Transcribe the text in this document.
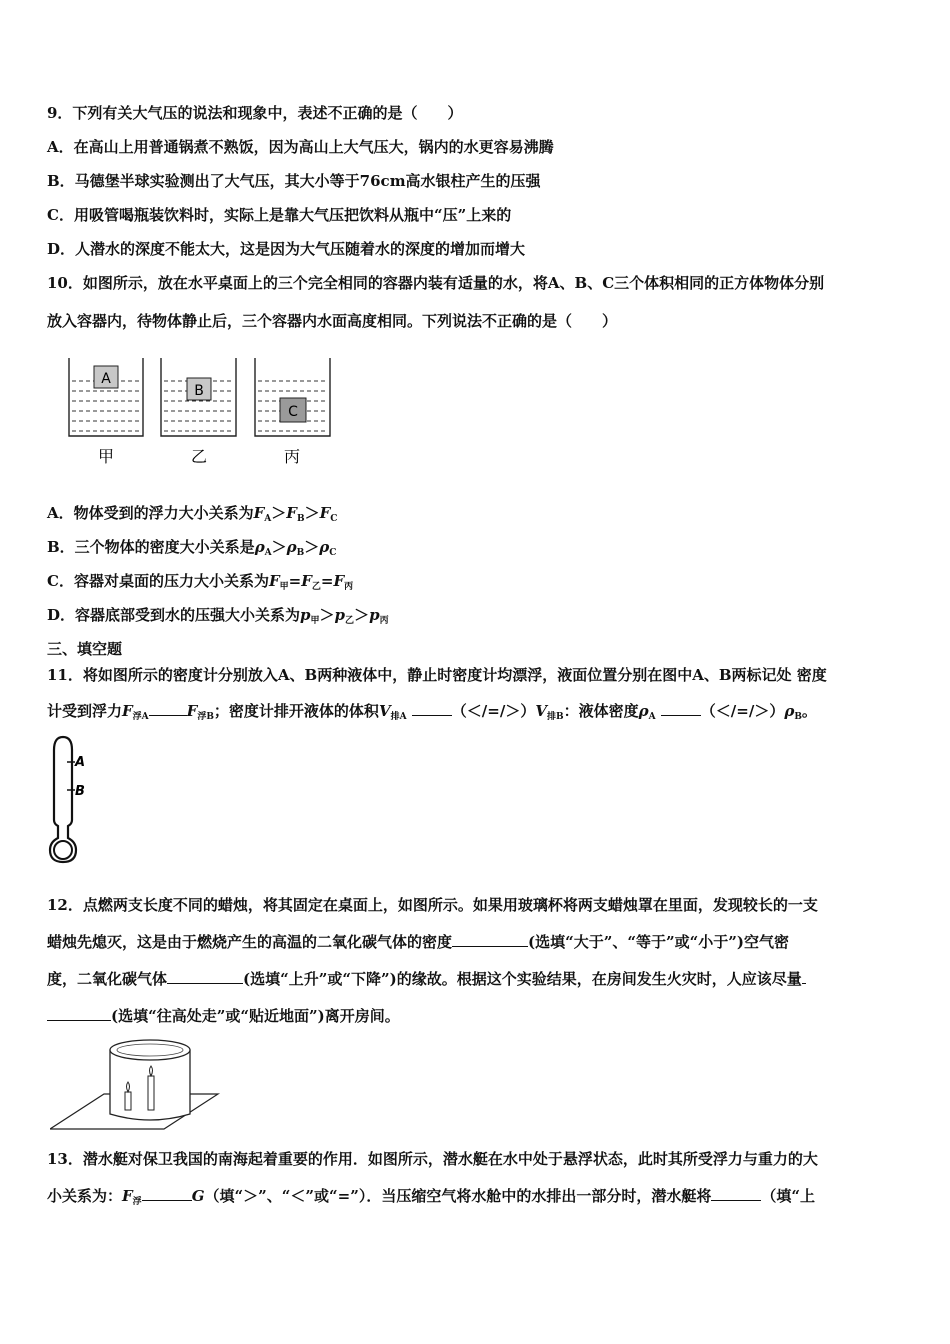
9．下列有关大气压的说法和现象中，表述不正确的是（　　）
A．在高山上用普通锅煮不熟饭，因为高山上大气压大，锅内的水更容易沸腾
B．马德堡半球实验测出了大气压，其大小等于76cm高水银柱产生的压强
C．用吸管喝瓶装饮料时，实际上是靠大气压把饮料从瓶中“压”上来的
D．人潜水的深度不能太大，这是因为大气压随着水的深度的增加而增大
10．如图所示，放在水平桌面上的三个完全相同的容器内装有适量的水，将A、B、C三个体积相同的正方体物体分别
放入容器内，待物体静止后，三个容器内水面高度相同。下列说法不正确的是（　　）
A
B
C
甲	乙	丙
A．物体受到的浮力大小关系为$F_A>F_B>F_C$
B．三个物体的密度大小关系是$\rho_A>\rho_B>\rho_C$
C．容器对桌面的压力大小关系为$F_甲=F_乙=F_丙$
D．容器底部受到水的压强大小关系为$p_甲>p_乙>p_丙$
三、填空题
11．将如图所示的密度计分别放入A、B两种液体中，静止时密度计均漂浮，液面位置分别在图中A、B两标记处 密度
计受到浮力$F_{浮A}$	$F_{浮B}$；密度计排开液体的体积$V_{排A}$	$(</=/>)V_{排B}$：液体密度$\rho_A$	$(</=/>)\rho_B$。
A
B
12．点燃两支长度不同的蜡烛，将其固定在桌面上，如图所示。如果用玻璃杯将两支蜡烛罩在里面，发现较长的一支
蜡烛先熄灭，这是由于燃烧产生的高温的二氧化碳气体的密度	(选填“大于”、“等于”或“小于”)空气密
度，二氧化碳气体	(选填“上升”或“下降”)的缘故。根据这个实验结果，在房间发生火灾时，人应该尽量
(选填“往高处走”或“贴近地面”)离开房间。
13．潜水艇对保卫我国的南海起着重要的作用．如图所示，潜水艇在水中处于悬浮状态，此时其所受浮力与重力的大
小关系为：$F_浮$	G（填“＞”、“＜”或“=”）．当压缩空气将水舱中的水排出一部分时，潜水艇将	（填“上
